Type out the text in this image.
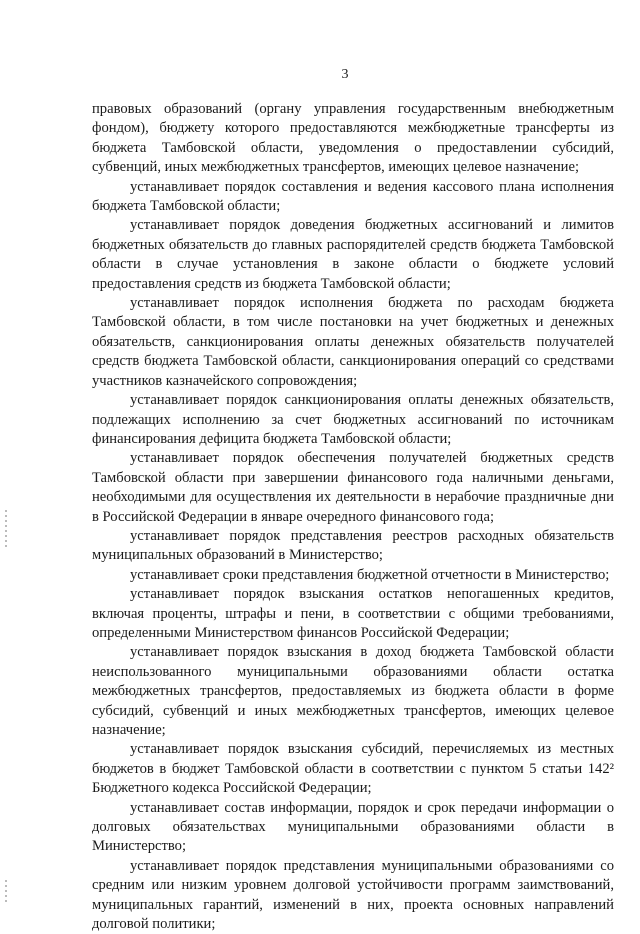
3

правовых образований (органу управления государственным внебюджетным фондом), бюджету которого предоставляются межбюджетные трансферты из бюджета Тамбовской области, уведомления о предоставлении субсидий, субвенций, иных межбюджетных трансфертов, имеющих целевое назначение;

устанавливает порядок составления и ведения кассового плана исполнения бюджета Тамбовской области;

устанавливает порядок доведения бюджетных ассигнований и лимитов бюджетных обязательств до главных распорядителей средств бюджета Тамбовской области в случае установления в законе области о бюджете условий предоставления средств из бюджета Тамбовской области;

устанавливает порядок исполнения бюджета по расходам бюджета Тамбовской области, в том числе постановки на учет бюджетных и денежных обязательств, санкционирования оплаты денежных обязательств получателей средств бюджета Тамбовской области, санкционирования операций со средствами участников казначейского сопровождения;

устанавливает порядок санкционирования оплаты денежных обязательств, подлежащих исполнению за счет бюджетных ассигнований по источникам финансирования дефицита бюджета Тамбовской области;

устанавливает порядок обеспечения получателей бюджетных средств Тамбовской области при завершении финансового года наличными деньгами, необходимыми для осуществления их деятельности в нерабочие праздничные дни в Российской Федерации в январе очередного финансового года;

устанавливает порядок представления реестров расходных обязательств муниципальных образований в Министерство;

устанавливает сроки представления бюджетной отчетности в Министерство;

устанавливает порядок взыскания остатков непогашенных кредитов, включая проценты, штрафы и пени, в соответствии с общими требованиями, определенными Министерством финансов Российской Федерации;

устанавливает порядок взыскания в доход бюджета Тамбовской области неиспользованного муниципальными образованиями области остатка межбюджетных трансфертов, предоставляемых из бюджета области в форме субсидий, субвенций и иных межбюджетных трансфертов, имеющих целевое назначение;

устанавливает порядок взыскания субсидий, перечисляемых из местных бюджетов в бюджет Тамбовской области в соответствии с пунктом 5 статьи 142² Бюджетного кодекса Российской Федерации;

устанавливает состав информации, порядок и срок передачи информации о долговых обязательствах муниципальными образованиями области в Министерство;

устанавливает порядок представления муниципальными образованиями со средним или низким уровнем долговой устойчивости программ заимствований, муниципальных гарантий, изменений в них, проекта основных направлений долговой политики;
